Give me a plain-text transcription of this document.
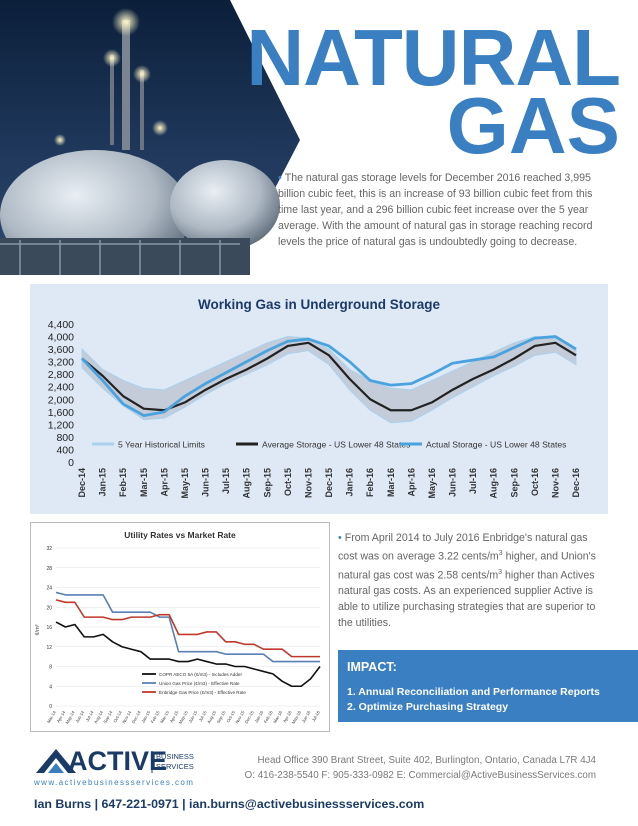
NATURAL
GAS
• The natural gas storage levels for December 2016 reached 3,995 billion cubic feet, this is an increase of 93 billion cubic feet from this time last year, and a 296 billion cubic feet increase over the 5 year average. With the amount of natural gas in storage reaching record levels the price of natural gas is undoubtedly going to decrease.
Working Gas in Underground Storage
0
400
800
1,200
1,600
2,000
2,400
2,800
3,200
3,600
4,000
4,400
5 Year Historical Limits	Average Storage - US Lower 48 States Actual Storage - US Lower 48 States
Dec-14 Jan-15 Feb-15 Mar-15 Apr-15 May-15 Jun-15 Jul-15 Aug-15 Sep-15 Oct-15 Nov-15 Dec-15 Jan-16 Feb-16 Mar-16 Apr-16 May-16 Jun-16 Jul-16 Aug-16 Sep-16 Oct-16 Nov-16 Dec-16
Utility Rates vs Market Rate
0
4
8
12
16
20
24
28
32
¢/m³
COPR AECO 5A (¢/m3) - Includes Adder
Union Gas Price (¢/m3) - Effective Rate
Enbridge Gas Price (¢/m3) - Effective Rate
Mar-14
Apr-14
May-14
Jun-14 Jul-14
Aug-14
Sep-14
Oct-14
Nov-14
Dec-14
Jan-15
Feb-15
Mar-15
Apr-15
May-15
Jun-15 Jul-15
Aug-15
Sep-15
Oct-15
Nov-15
Dec-15
Jan-16
Feb-16
Mar-16
Apr-16
May-16
Jun-16 Jul-16
• From April 2014 to July 2016 Enbridge's natural gas cost was on average 3.22 cents/$m^3$ higher, and Union's natural gas cost was 2.58 cents/$m^3$ higher than Actives natural gas costs. As an experienced supplier Active is able to utilize purchasing strategies that are superior to the utilities.
IMPACT:
1. Annual Reconciliation and Performance Reports
2. Optimize Purchasing Strategy
ACTIVE
BUSINESS
SERVICES
www.activebusinessservices.com
Head Office 390 Brant Street, Suite 402, Burlington, Ontario, Canada L7R 4J4
O: 416-238-5540 F: 905-333-0982 E: Commercial@ActiveBusinessServices.com
Ian Burns | 647-221-0971 | ian.burns@activebusinessservices.com
